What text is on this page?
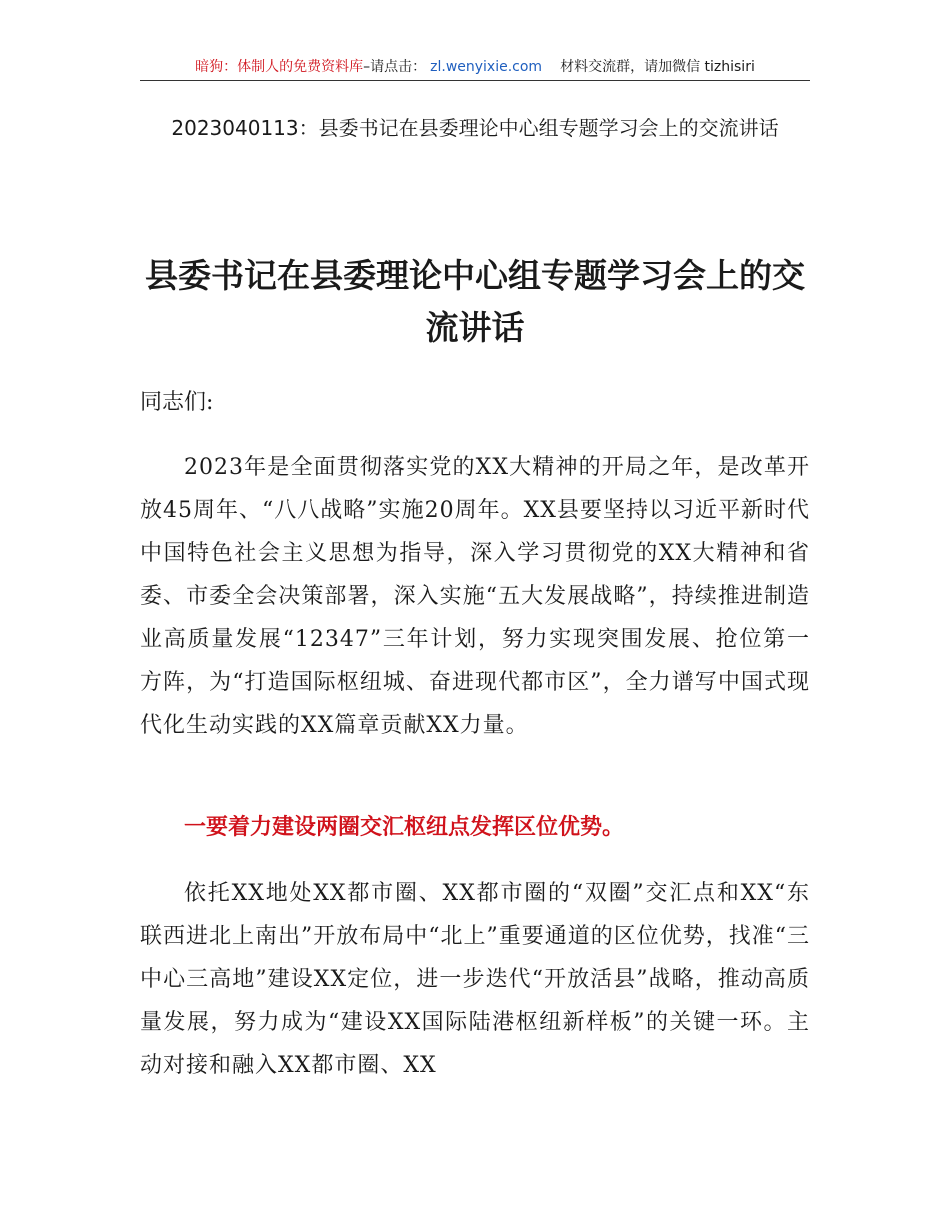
暗狗：体制人的免费资料库–请点击： zl.wenyixie.com 材料交流群，请加微信 tizhisiri
2023040113：县委书记在县委理论中心组专题学习会上的交流讲话
县委书记在县委理论中心组专题学习会上的交流讲话
同志们:

2023年是全面贯彻落实党的XX大精神的开局之年，是改革开放45周年、“八八战略”实施20周年。XX县要坚持以习近平新时代中国特色社会主义思想为指导，深入学习贯彻党的XX大精神和省委、市委全会决策部署，深入实施“五大发展战略”，持续推进制造业高质量发展“12347”三年计划，努力实现突围发展、抢位第一方阵，为“打造国际枢纽城、奋进现代都市区”，全力谱写中国式现代化生动实践的XX篇章贡献XX力量。

一要着力建设两圈交汇枢纽点发挥区位优势。

依托XX地处XX都市圈、XX都市圈的“双圈”交汇点和XX“东联西进北上南出”开放布局中“北上”重要通道的区位优势，找准“三中心三高地”建设XX定位，进一步迭代“开放活县”战略，推动高质量发展，努力成为“建设XX国际陆港枢纽新样板”的关键一环。主动对接和融入XX都市圈、XX
